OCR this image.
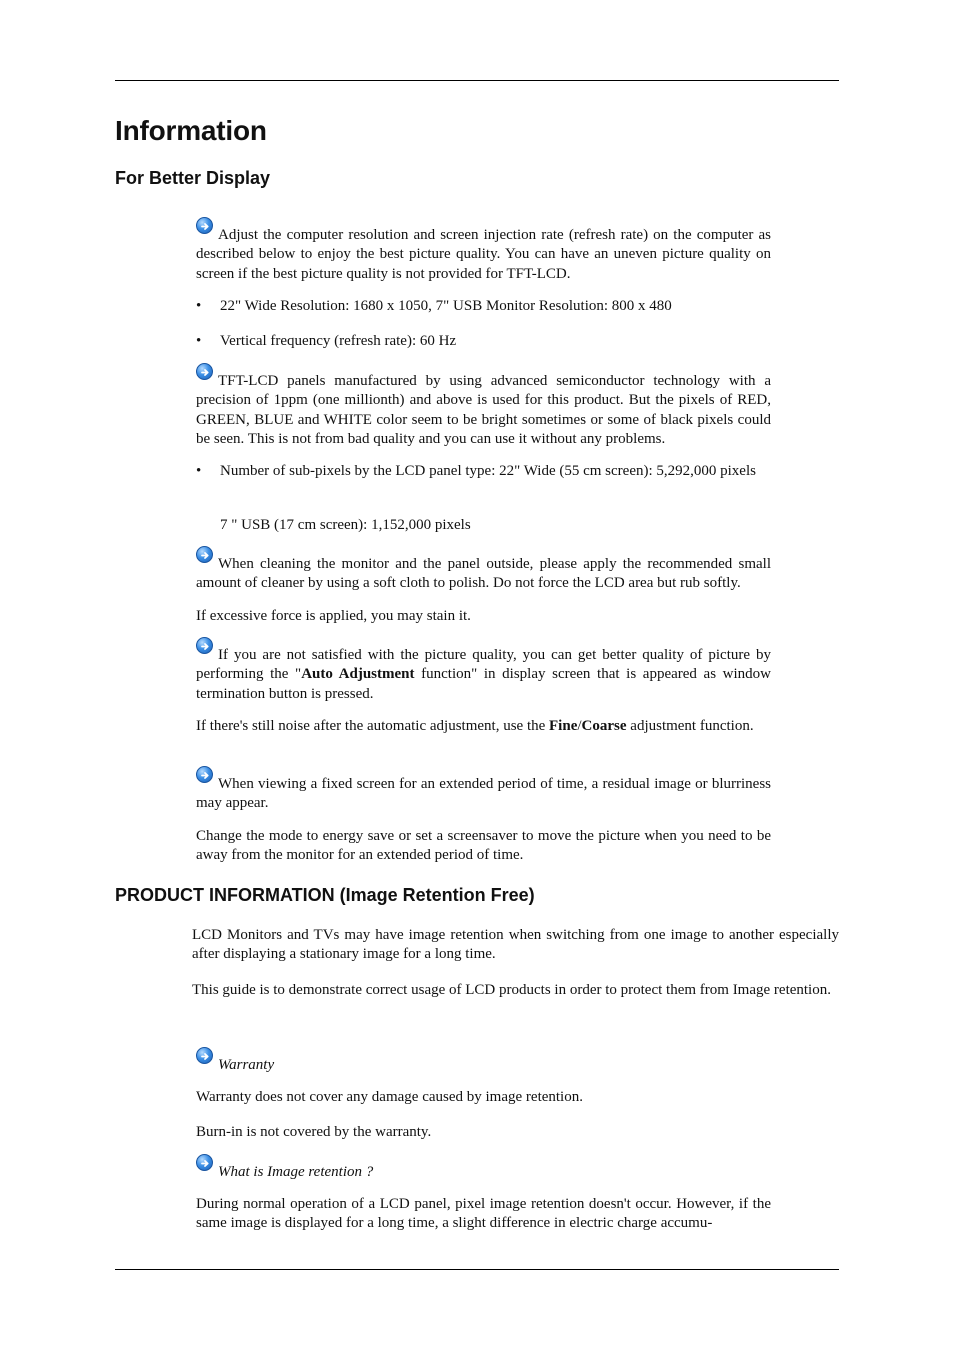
Information
For Better Display
Adjust the computer resolution and screen injection rate (refresh rate) on the computer as described below to enjoy the best picture quality. You can have an uneven picture quality on screen if the best picture quality is not provided for TFT-LCD.
• 22" Wide Resolution: 1680 x 1050, 7" USB Monitor Resolution: 800 x 480
• Vertical frequency (refresh rate): 60 Hz
TFT-LCD panels manufactured by using advanced semiconductor technology with a precision of 1ppm (one millionth) and above is used for this product. But the pixels of RED, GREEN, BLUE and WHITE color seem to be bright sometimes or some of black pixels could be seen. This is not from bad quality and you can use it without any problems.
• Number of sub-pixels by the LCD panel type: 22" Wide (55 cm screen): 5,292,000 pixels
7 " USB (17 cm screen): 1,152,000 pixels
When cleaning the monitor and the panel outside, please apply the recommended small amount of cleaner by using a soft cloth to polish. Do not force the LCD area but rub softly.
If excessive force is applied, you may stain it.
If you are not satisfied with the picture quality, you can get better quality of picture by performing the "Auto Adjustment function" in display screen that is appeared as window termination button is pressed.
If there's still noise after the automatic adjustment, use the Fine/Coarse adjustment function.
When viewing a fixed screen for an extended period of time, a residual image or blurriness may appear.
Change the mode to energy save or set a screensaver to move the picture when you need to be away from the monitor for an extended period of time.
PRODUCT INFORMATION (Image Retention Free)
LCD Monitors and TVs may have image retention when switching from one image to another especially after displaying a stationary image for a long time.
This guide is to demonstrate correct usage of LCD products in order to protect them from Image retention.
Warranty
Warranty does not cover any damage caused by image retention.
Burn-in is not covered by the warranty.
What is Image retention ?
During normal operation of a LCD panel, pixel image retention doesn't occur. However, if the same image is displayed for a long time, a slight difference in electric charge accumu-
